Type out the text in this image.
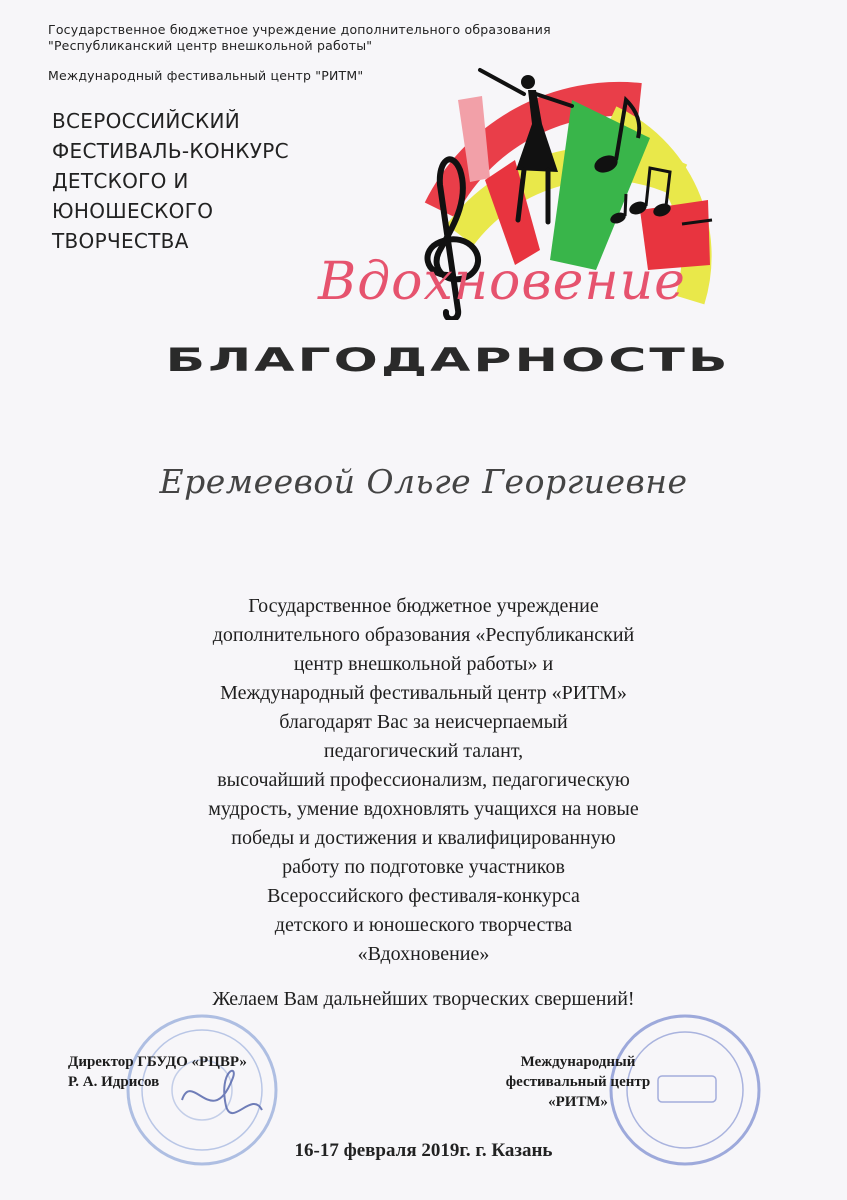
Государственное бюджетное учреждение дополнительного образования
"Республиканский центр внешкольной работы"
Международный фестивальный центр "РИТМ"
ВСЕРОССИЙСКИЙ
ФЕСТИВАЛЬ-КОНКУРС
ДЕТСКОГО И
ЮНОШЕСКОГО
ТВОРЧЕСТВА
Вдохновение
БЛАГОДАРНОСТЬ
Еремеевой Ольге Георгиевне
Государственное бюджетное учреждение
дополнительного образования «Республиканский
центр внешкольной работы» и
Международный фестивальный центр «РИТМ»
благодарят Вас за неисчерпаемый
педагогический талант,
высочайший профессионализм, педагогическую
мудрость, умение вдохновлять учащихся на новые
победы и достижения и квалифицированную
работу по подготовке участников
Всероссийского фестиваля-конкурса
детского и юношеского творчества
«Вдохновение»
Желаем Вам дальнейших творческих свершений!
Директор ГБУДО «РЦВР»
Р. А. Идрисов
Международный
фестивальный центр
«РИТМ»
16-17 февраля 2019г. г. Казань
